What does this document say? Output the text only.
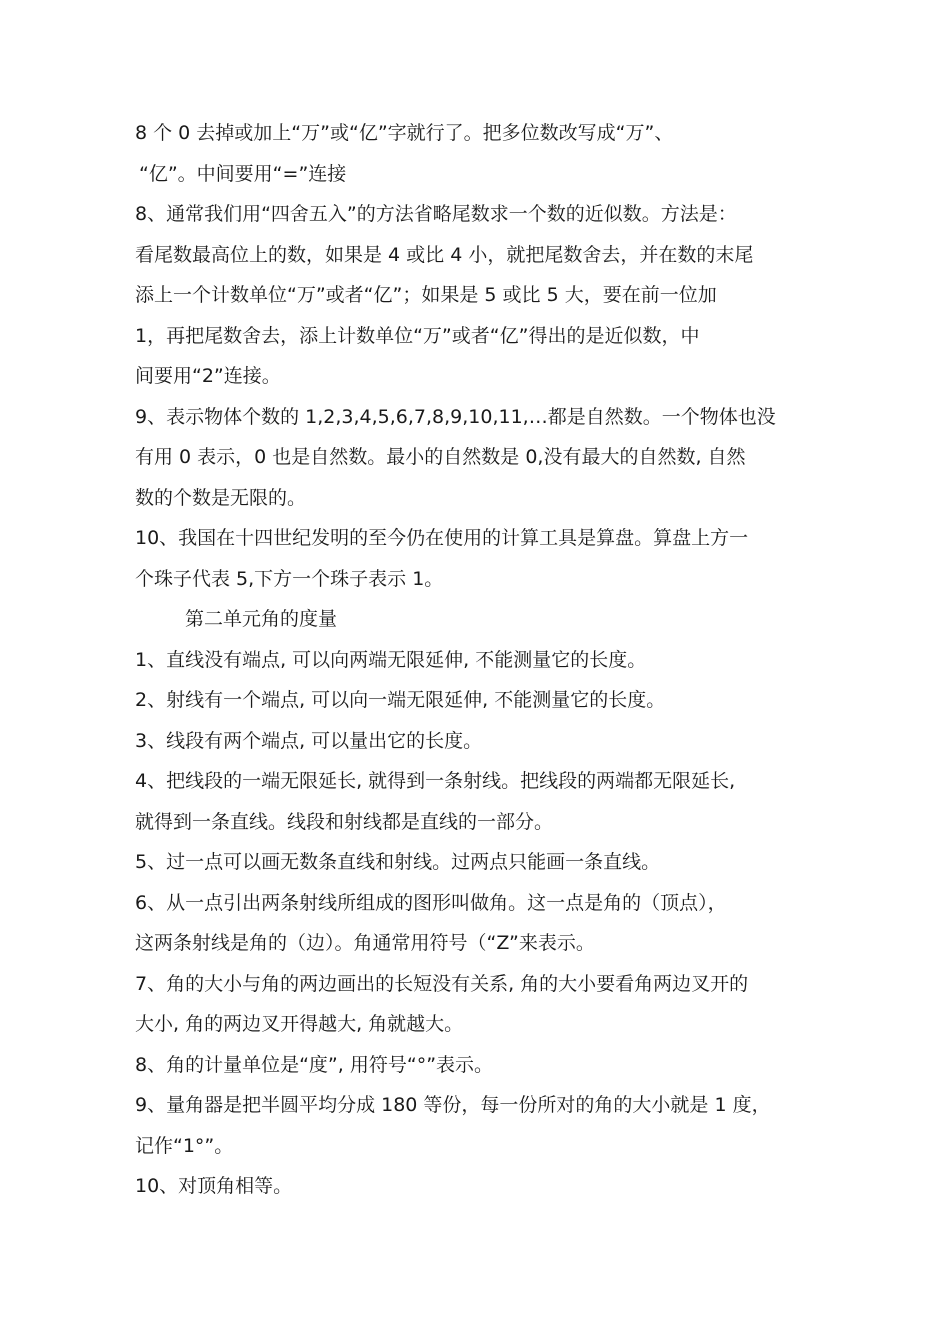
8 个 0 去掉或加上“万”或“亿”字就行了。把多位数改写成“万”、
“亿”。中间要用“=”连接
8、通常我们用“四舍五入”的方法省略尾数求一个数的近似数。方法是：
看尾数最高位上的数，如果是 4 或比 4 小，就把尾数舍去，并在数的末尾
添上一个计数单位“万”或者“亿”；如果是 5 或比 5 大，要在前一位加
1，再把尾数舍去，添上计数单位“万”或者“亿”得出的是近似数，中
间要用“2”连接。
9、表示物体个数的 1,2,3,4,5,6,7,8,9,10,11,…都是自然数。一个物体也没
有用 0 表示，0 也是自然数。最小的自然数是 0,没有最大的自然数, 自然
数的个数是无限的。
10、我国在十四世纪发明的至今仍在使用的计算工具是算盘。算盘上方一
个珠子代表 5,下方一个珠子表示 1。
第二单元角的度量
1、直线没有端点, 可以向两端无限延伸, 不能测量它的长度。
2、射线有一个端点, 可以向一端无限延伸, 不能测量它的长度。
3、线段有两个端点, 可以量出它的长度。
4、把线段的一端无限延长, 就得到一条射线。把线段的两端都无限延长,
就得到一条直线。线段和射线都是直线的一部分。
5、过一点可以画无数条直线和射线。过两点只能画一条直线。
6、从一点引出两条射线所组成的图形叫做角。这一点是角的（顶点），
这两条射线是角的（边）。角通常用符号（“Z”来表示。
7、角的大小与角的两边画出的长短没有关系, 角的大小要看角两边叉开的
大小, 角的两边叉开得越大, 角就越大。
8、角的计量单位是“度”, 用符号“°”表示。
9、量角器是把半圆平均分成 180 等份，每一份所对的角的大小就是 1 度，
记作“1°”。
10、对顶角相等。
